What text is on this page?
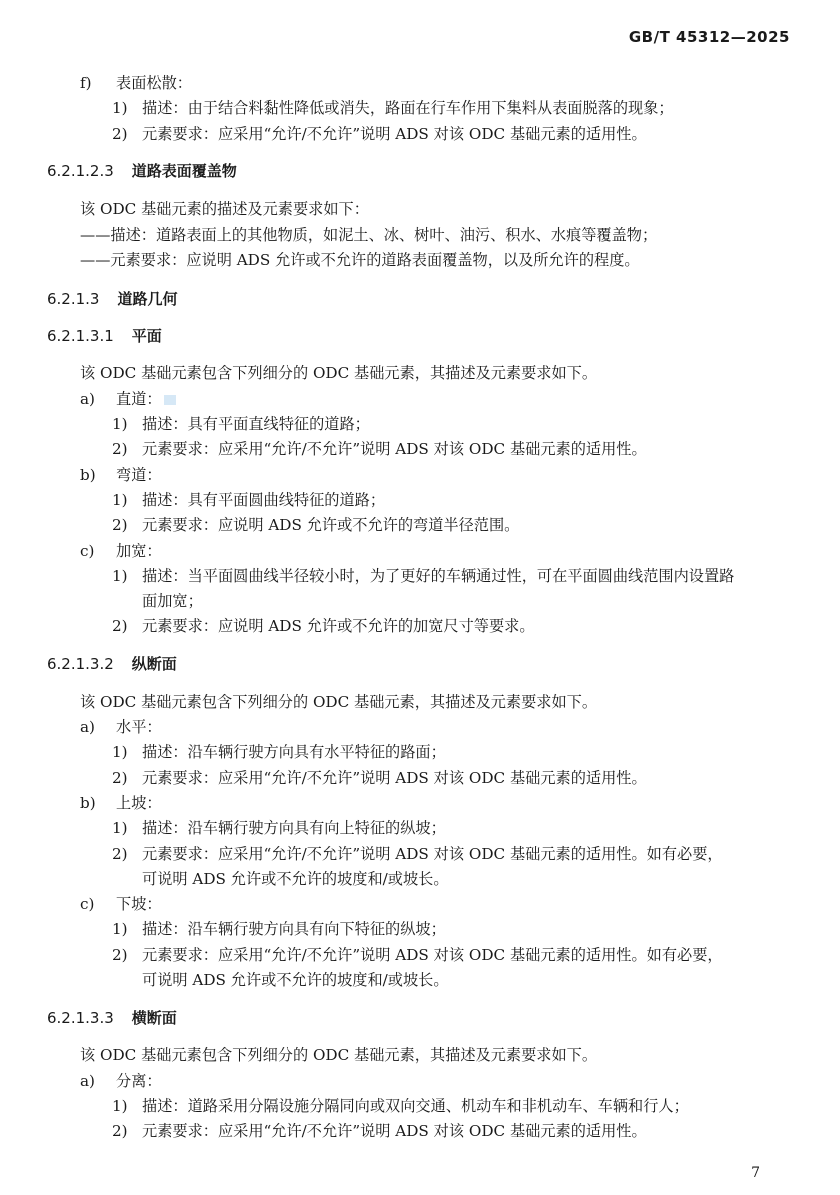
GB/T 45312—2025
f) 表面松散：
1) 描述：由于结合料黏性降低或消失，路面在行车作用下集料从表面脱落的现象；
2) 元素要求：应采用“允许/不允许”说明 ADS 对该 ODC 基础元素的适用性。
6.2.1.2.3 道路表面覆盖物
该 ODC 基础元素的描述及元素要求如下：
——描述：道路表面上的其他物质，如泥土、冰、树叶、油污、积水、水痕等覆盖物；
——元素要求：应说明 ADS 允许或不允许的道路表面覆盖物，以及所允许的程度。
6.2.1.3 道路几何
6.2.1.3.1 平面
该 ODC 基础元素包含下列细分的 ODC 基础元素，其描述及元素要求如下。
a) 直道：
1) 描述：具有平面直线特征的道路；
2) 元素要求：应采用“允许/不允许”说明 ADS 对该 ODC 基础元素的适用性。
b) 弯道：
1) 描述：具有平面圆曲线特征的道路；
2) 元素要求：应说明 ADS 允许或不允许的弯道半径范围。
c) 加宽：
1) 描述：当平面圆曲线半径较小时，为了更好的车辆通过性，可在平面圆曲线范围内设置路
面加宽；
2) 元素要求：应说明 ADS 允许或不允许的加宽尺寸等要求。
6.2.1.3.2 纵断面
该 ODC 基础元素包含下列细分的 ODC 基础元素，其描述及元素要求如下。
a) 水平：
1) 描述：沿车辆行驶方向具有水平特征的路面；
2) 元素要求：应采用“允许/不允许”说明 ADS 对该 ODC 基础元素的适用性。
b) 上坡：
1) 描述：沿车辆行驶方向具有向上特征的纵坡；
2) 元素要求：应采用“允许/不允许”说明 ADS 对该 ODC 基础元素的适用性。如有必要，
可说明 ADS 允许或不允许的坡度和/或坡长。
c) 下坡：
1) 描述：沿车辆行驶方向具有向下特征的纵坡；
2) 元素要求：应采用“允许/不允许”说明 ADS 对该 ODC 基础元素的适用性。如有必要，
可说明 ADS 允许或不允许的坡度和/或坡长。
6.2.1.3.3 横断面
该 ODC 基础元素包含下列细分的 ODC 基础元素，其描述及元素要求如下。
a) 分离：
1) 描述：道路采用分隔设施分隔同向或双向交通、机动车和非机动车、车辆和行人；
2) 元素要求：应采用“允许/不允许”说明 ADS 对该 ODC 基础元素的适用性。
7
